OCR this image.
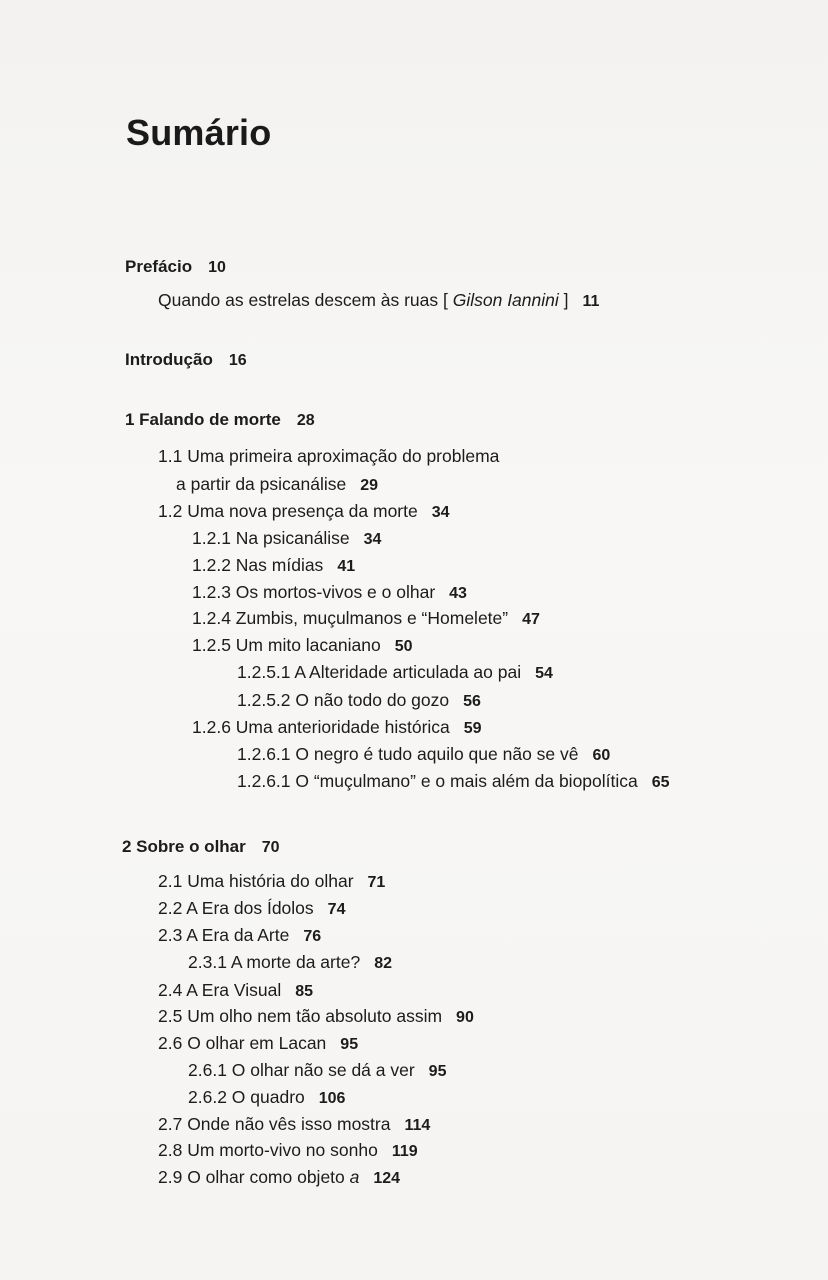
Sumário
Prefácio 10
Quando as estrelas descem às ruas [ Gilson Iannini ] 11
Introdução 16
1 Falando de morte 28
1.1 Uma primeira aproximação do problema
a partir da psicanálise 29
1.2 Uma nova presença da morte 34
1.2.1 Na psicanálise 34
1.2.2 Nas mídias 41
1.2.3 Os mortos-vivos e o olhar 43
1.2.4 Zumbis, muçulmanos e “Homelete” 47
1.2.5 Um mito lacaniano 50
1.2.5.1 A Alteridade articulada ao pai 54
1.2.5.2 O não todo do gozo 56
1.2.6 Uma anterioridade histórica 59
1.2.6.1 O negro é tudo aquilo que não se vê 60
1.2.6.1 O “muçulmano” e o mais além da biopolítica 65
2 Sobre o olhar 70
2.1 Uma história do olhar 71
2.2 A Era dos Ídolos 74
2.3 A Era da Arte 76
2.3.1 A morte da arte? 82
2.4 A Era Visual 85
2.5 Um olho nem tão absoluto assim 90
2.6 O olhar em Lacan 95
2.6.1 O olhar não se dá a ver 95
2.6.2 O quadro 106
2.7 Onde não vês isso mostra 114
2.8 Um morto-vivo no sonho 119
2.9 O olhar como objeto a 124
